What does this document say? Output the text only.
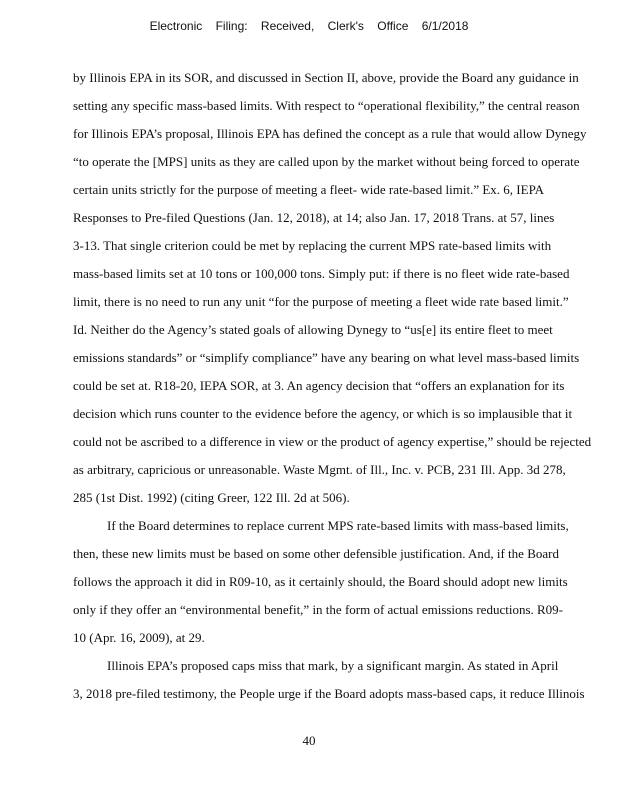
Electronic Filing: Received, Clerk's Office 6/1/2018
by Illinois EPA in its SOR, and discussed in Section II, above, provide the Board any guidance in
setting any specific mass-based limits. With respect to “operational flexibility,” the central reason
for Illinois EPA’s proposal, Illinois EPA has defined the concept as a rule that would allow Dynegy
“to operate the [MPS] units as they are called upon by the market without being forced to operate
certain units strictly for the purpose of meeting a fleet- wide rate-based limit.” Ex. 6, IEPA
Responses to Pre-filed Questions (Jan. 12, 2018), at 14; also Jan. 17, 2018 Trans. at 57, lines
3-13. That single criterion could be met by replacing the current MPS rate-based limits with
mass-based limits set at 10 tons or 100,000 tons. Simply put: if there is no fleet wide rate-based
limit, there is no need to run any unit “for the purpose of meeting a fleet wide rate based limit.”
Id. Neither do the Agency’s stated goals of allowing Dynegy to “us[e] its entire fleet to meet
emissions standards” or “simplify compliance” have any bearing on what level mass-based limits
could be set at. R18-20, IEPA SOR, at 3. An agency decision that “offers an explanation for its
decision which runs counter to the evidence before the agency, or which is so implausible that it
could not be ascribed to a difference in view or the product of agency expertise,” should be rejected
as arbitrary, capricious or unreasonable. Waste Mgmt. of Ill., Inc. v. PCB, 231 Ill. App. 3d 278,
285 (1st Dist. 1992) (citing Greer, 122 Ill. 2d at 506).
If the Board determines to replace current MPS rate-based limits with mass-based limits,
then, these new limits must be based on some other defensible justification. And, if the Board
follows the approach it did in R09-10, as it certainly should, the Board should adopt new limits
only if they offer an “environmental benefit,” in the form of actual emissions reductions. R09-
10 (Apr. 16, 2009), at 29.
Illinois EPA’s proposed caps miss that mark, by a significant margin. As stated in April
3, 2018 pre-filed testimony, the People urge if the Board adopts mass-based caps, it reduce Illinois
40
